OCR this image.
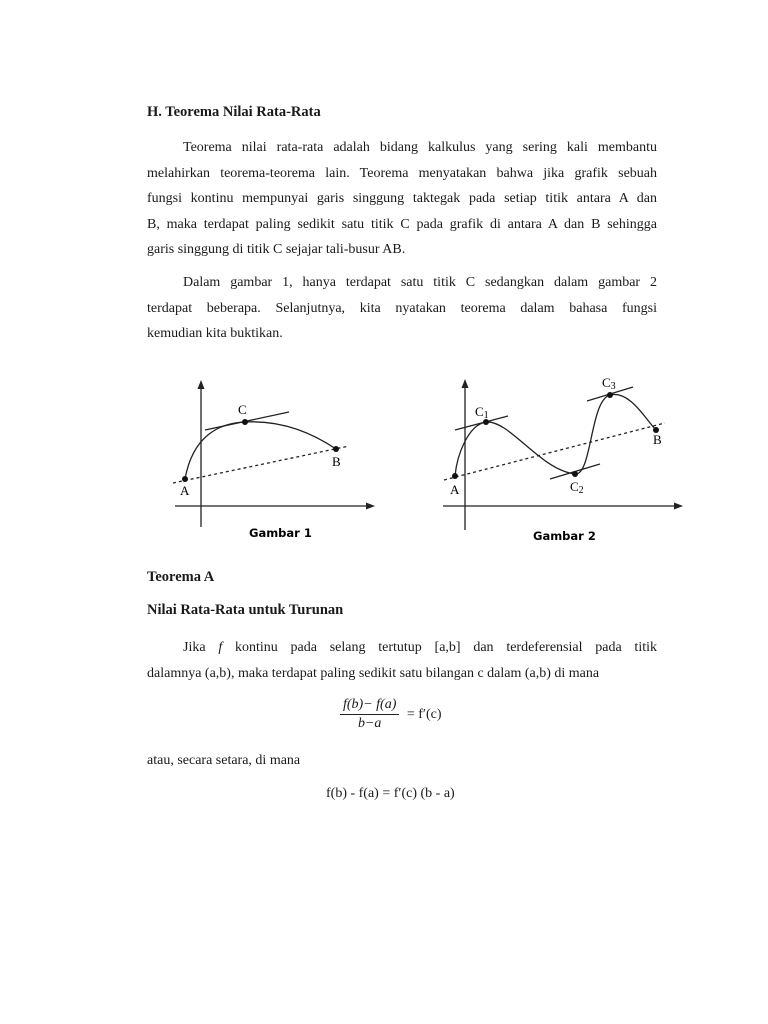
H. Teorema Nilai Rata-Rata
Teorema nilai rata-rata adalah bidang kalkulus yang sering kali membantu
melahirkan teorema-teorema lain. Teorema menyatakan bahwa jika grafik sebuah
fungsi kontinu mempunyai garis singgung taktegak pada setiap titik antara A dan
B, maka terdapat paling sedikit satu titik C pada grafik di antara A dan B sehingga
garis singgung di titik C sejajar tali-busur AB.
Dalam gambar 1, hanya terdapat satu titik C sedangkan dalam gambar 2
terdapat beberapa. Selanjutnya, kita nyatakan teorema dalam bahasa fungsi
kemudian kita buktikan.
A
B
C
Gambar 1
A
B
C1
C2
C3
Gambar 2
Teorema A
Nilai Rata-Rata untuk Turunan
Jika f kontinu pada selang tertutup [a,b] dan terdeferensial pada titik
dalamnya (a,b), maka terdapat paling sedikit satu bilangan c dalam (a,b) di mana
$\frac{f(b)- f(a)}{b-a} = f'(c)$
atau, secara setara, di mana
f(b) - f(a) = f′(c) (b - a)
